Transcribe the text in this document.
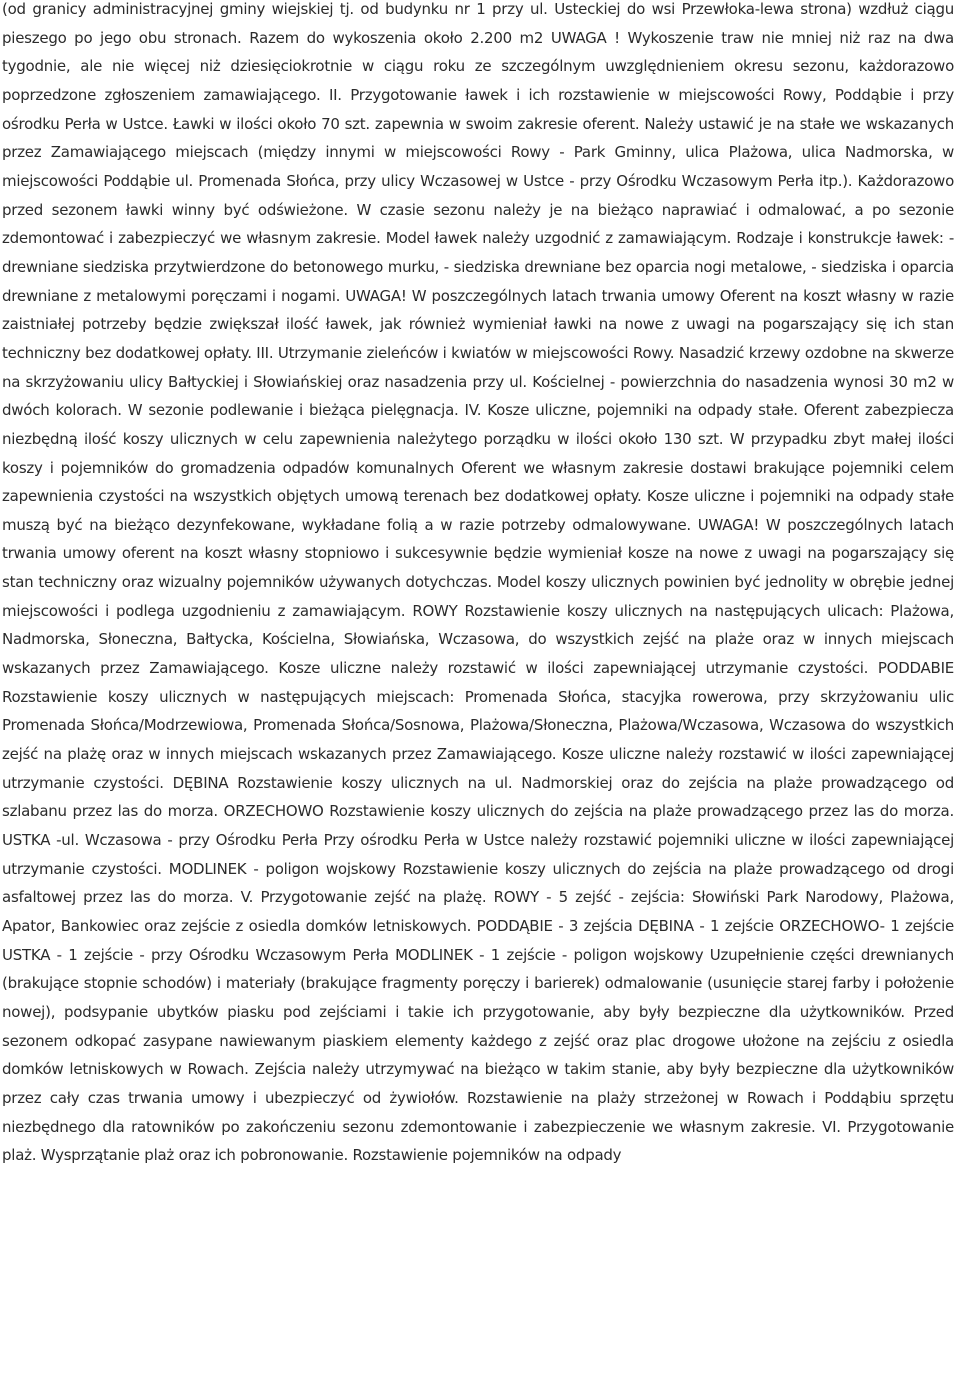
(od granicy administracyjnej gminy wiejskiej tj. od budynku nr 1 przy ul. Usteckiej do wsi Przewłoka-lewa strona) wzdłuż ciągu pieszego po jego obu stronach. Razem do wykoszenia około 2.200 m2 UWAGA ! Wykoszenie traw nie mniej niż raz na dwa tygodnie, ale nie więcej niż dziesięciokrotnie w ciągu roku ze szczególnym uwzględnieniem okresu sezonu, każdorazowo poprzedzone zgłoszeniem zamawiającego. II. Przygotowanie ławek i ich rozstawienie w miejscowości Rowy, Poddąbie i przy ośrodku Perła w Ustce. Ławki w ilości około 70 szt. zapewnia w swoim zakresie oferent. Należy ustawić je na stałe we wskazanych przez Zamawiającego miejscach (między innymi w miejscowości Rowy - Park Gminny, ulica Plażowa, ulica Nadmorska, w miejscowości Poddąbie ul. Promenada Słońca, przy ulicy Wczasowej w Ustce - przy Ośrodku Wczasowym Perła itp.). Każdorazowo przed sezonem ławki winny być odświeżone. W czasie sezonu należy je na bieżąco naprawiać i odmalować, a po sezonie zdemontować i zabezpieczyć we własnym zakresie. Model ławek należy uzgodnić z zamawiającym. Rodzaje i konstrukcje ławek: - drewniane siedziska przytwierdzone do betonowego murku, - siedziska drewniane bez oparcia nogi metalowe, - siedziska i oparcia drewniane z metalowymi poręczami i nogami. UWAGA! W poszczególnych latach trwania umowy Oferent na koszt własny w razie zaistniałej potrzeby będzie zwiększał ilość ławek, jak również wymieniał ławki na nowe z uwagi na pogarszający się ich stan techniczny bez dodatkowej opłaty. III. Utrzymanie zieleńców i kwiatów w miejscowości Rowy. Nasadzić krzewy ozdobne na skwerze na skrzyżowaniu ulicy Bałtyckiej i Słowiańskiej oraz nasadzenia przy ul. Kościelnej - powierzchnia do nasadzenia wynosi 30 m2 w dwóch kolorach. W sezonie podlewanie i bieżąca pielęgnacja. IV. Kosze uliczne, pojemniki na odpady stałe. Oferent zabezpiecza niezbędną ilość koszy ulicznych w celu zapewnienia należytego porządku w ilości około 130 szt. W przypadku zbyt małej ilości koszy i pojemników do gromadzenia odpadów komunalnych Oferent we własnym zakresie dostawi brakujące pojemniki celem zapewnienia czystości na wszystkich objętych umową terenach bez dodatkowej opłaty. Kosze uliczne i pojemniki na odpady stałe muszą być na bieżąco dezynfekowane, wykładane folią a w razie potrzeby odmalowywane. UWAGA! W poszczególnych latach trwania umowy oferent na koszt własny stopniowo i sukcesywnie będzie wymieniał kosze na nowe z uwagi na pogarszający się stan techniczny oraz wizualny pojemników używanych dotychczas. Model koszy ulicznych powinien być jednolity w obrębie jednej miejscowości i podlega uzgodnieniu z zamawiającym. ROWY Rozstawienie koszy ulicznych na następujących ulicach: Plażowa, Nadmorska, Słoneczna, Bałtycka, Kościelna, Słowiańska, Wczasowa, do wszystkich zejść na plaże oraz w innych miejscach wskazanych przez Zamawiającego. Kosze uliczne należy rozstawić w ilości zapewniającej utrzymanie czystości. PODDABIE Rozstawienie koszy ulicznych w następujących miejscach: Promenada Słońca, stacyjka rowerowa, przy skrzyżowaniu ulic Promenada Słońca/Modrzewiowa, Promenada Słońca/Sosnowa, Plażowa/Słoneczna, Plażowa/Wczasowa, Wczasowa do wszystkich zejść na plażę oraz w innych miejscach wskazanych przez Zamawiającego. Kosze uliczne należy rozstawić w ilości zapewniającej utrzymanie czystości. DĘBINA Rozstawienie koszy ulicznych na ul. Nadmorskiej oraz do zejścia na plaże prowadzącego od szlabanu przez las do morza. ORZECHOWO Rozstawienie koszy ulicznych do zejścia na plaże prowadzącego przez las do morza. USTKA -ul. Wczasowa - przy Ośrodku Perła Przy ośrodku Perła w Ustce należy rozstawić pojemniki uliczne w ilości zapewniającej utrzymanie czystości. MODLINEK - poligon wojskowy Rozstawienie koszy ulicznych do zejścia na plaże prowadzącego od drogi asfaltowej przez las do morza. V. Przygotowanie zejść na plażę. ROWY - 5 zejść - zejścia: Słowiński Park Narodowy, Plażowa, Apator, Bankowiec oraz zejście z osiedla domków letniskowych. PODDĄBIE - 3 zejścia DĘBINA - 1 zejście ORZECHOWO- 1 zejście USTKA - 1 zejście - przy Ośrodku Wczasowym Perła MODLINEK - 1 zejście - poligon wojskowy Uzupełnienie części drewnianych (brakujące stopnie schodów) i materiały (brakujące fragmenty poręczy i barierek) odmalowanie (usunięcie starej farby i położenie nowej), podsypanie ubytków piasku pod zejściami i takie ich przygotowanie, aby były bezpieczne dla użytkowników. Przed sezonem odkopać zasypane nawiewanym piaskiem elementy każdego z zejść oraz plac drogowe ułożone na zejściu z osiedla domków letniskowych w Rowach. Zejścia należy utrzymywać na bieżąco w takim stanie, aby były bezpieczne dla użytkowników przez cały czas trwania umowy i ubezpieczyć od żywiołów. Rozstawienie na plaży strzeżonej w Rowach i Poddąbiu sprzętu niezbędnego dla ratowników po zakończeniu sezonu zdemontowanie i zabezpieczenie we własnym zakresie. VI. Przygotowanie plaż. Wysprzątanie plaż oraz ich pobronowanie. Rozstawienie pojemników na odpady
